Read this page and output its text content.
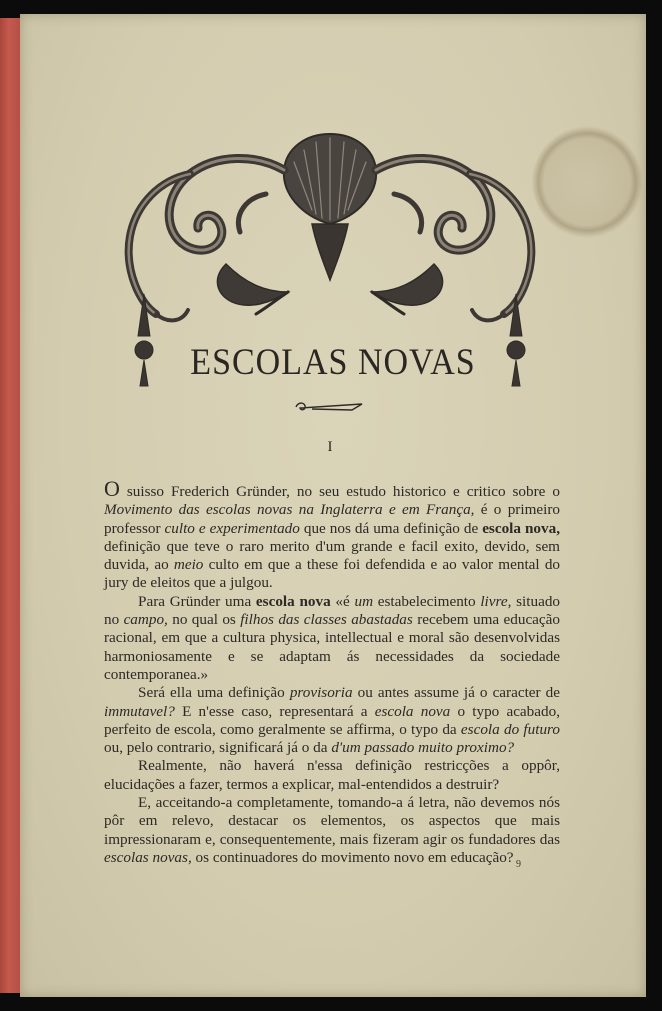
ESCOLAS NOVAS
I

O suisso Frederich Gründer, no seu estudo historico e critico sobre o Movimento das escolas novas na Inglaterra e em França, é o primeiro professor culto e experimentado que nos dá uma definição de escola nova, definição que teve o raro merito d'um grande e facil exito, devido, sem duvida, ao meio culto em que a these foi defendida e ao valor mental do jury de eleitos que a julgou.

Para Gründer uma escola nova «é um estabelecimento livre, situado no campo, no qual os filhos das classes abastadas recebem uma educação racional, em que a cultura physica, intellectual e moral são desenvolvidas harmoniosamente e se adaptam ás necessidades da sociedade contemporanea.»

Será ella uma definição provisoria ou antes assume já o caracter de immutavel? E n'esse caso, representará a escola nova o typo acabado, perfeito de escola, como geralmente se affirma, o typo da escola do futuro ou, pelo contrario, significará já o da d'um passado muito proximo?

Realmente, não haverá n'essa definição restricções a oppôr, elucidações a fazer, termos a explicar, mal-entendidos a destruir?

E, acceitando-a completamente, tomando-a á letra, não devemos nós pôr em relevo, destacar os elementos, os aspectos que mais impressionaram e, consequentemente, mais fizeram agir os fundadores das escolas novas, os continuadores do movimento novo em educação? 9
